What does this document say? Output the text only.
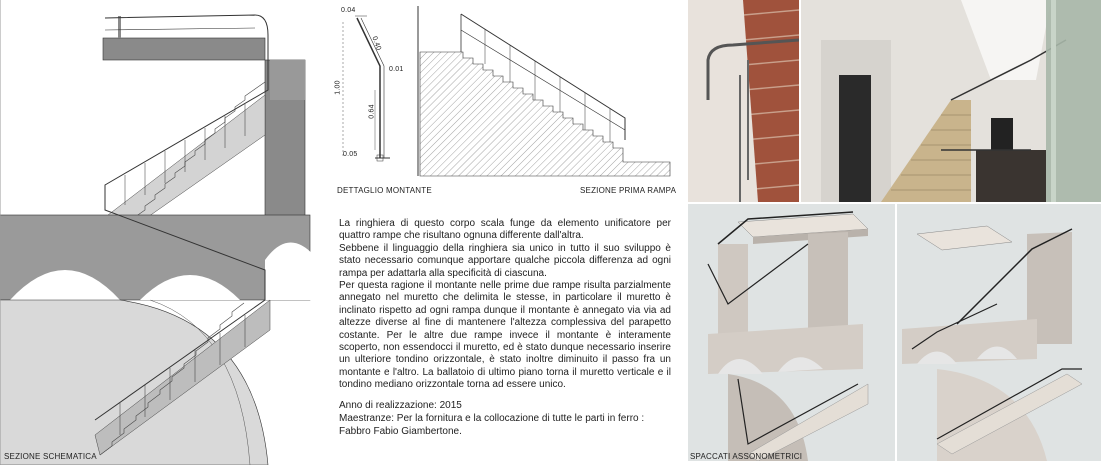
SEZIONE SCHEMATICA
0.04
0.40
0.01
1.00
0.64
0.05
DETTAGLIO MONTANTE	SEZIONE PRIMA RAMPA

La ringhiera di questo corpo scala funge da elemento unificatore per quattro rampe che risultano ognuna differente dall'altra.

Sebbene il linguaggio della ringhiera sia unico in tutto il suo sviluppo è stato necessario comunque apportare qualche piccola differenza ad ogni rampa per adattarla alla specificità di ciascuna.

Per questa ragione il montante nelle prime due rampe risulta parzialmente annegato nel muretto che delimita le stesse, in particolare il muretto è inclinato rispetto ad ogni rampa dunque il montante è annegato via via ad altezze diverse al fine di mantenere l'altezza complessiva del parapetto costante. Per le altre due rampe invece il montante è interamente scoperto, non essendocci il muretto, ed è stato dunque necessario inserire un ulteriore tondino orizzontale, è stato inoltre diminuito il passo fra un montante e l'altro. La ballatoio di ultimo piano torna il muretto verticale e il tondino mediano orizzontale torna ad essere unico.

Anno di realizzazione: 2015
Maestranze: Per la fornitura e la collocazione di tutte le parti in ferro :
Fabbro Fabio Giambertone.
SPACCATI ASSONOMETRICI
